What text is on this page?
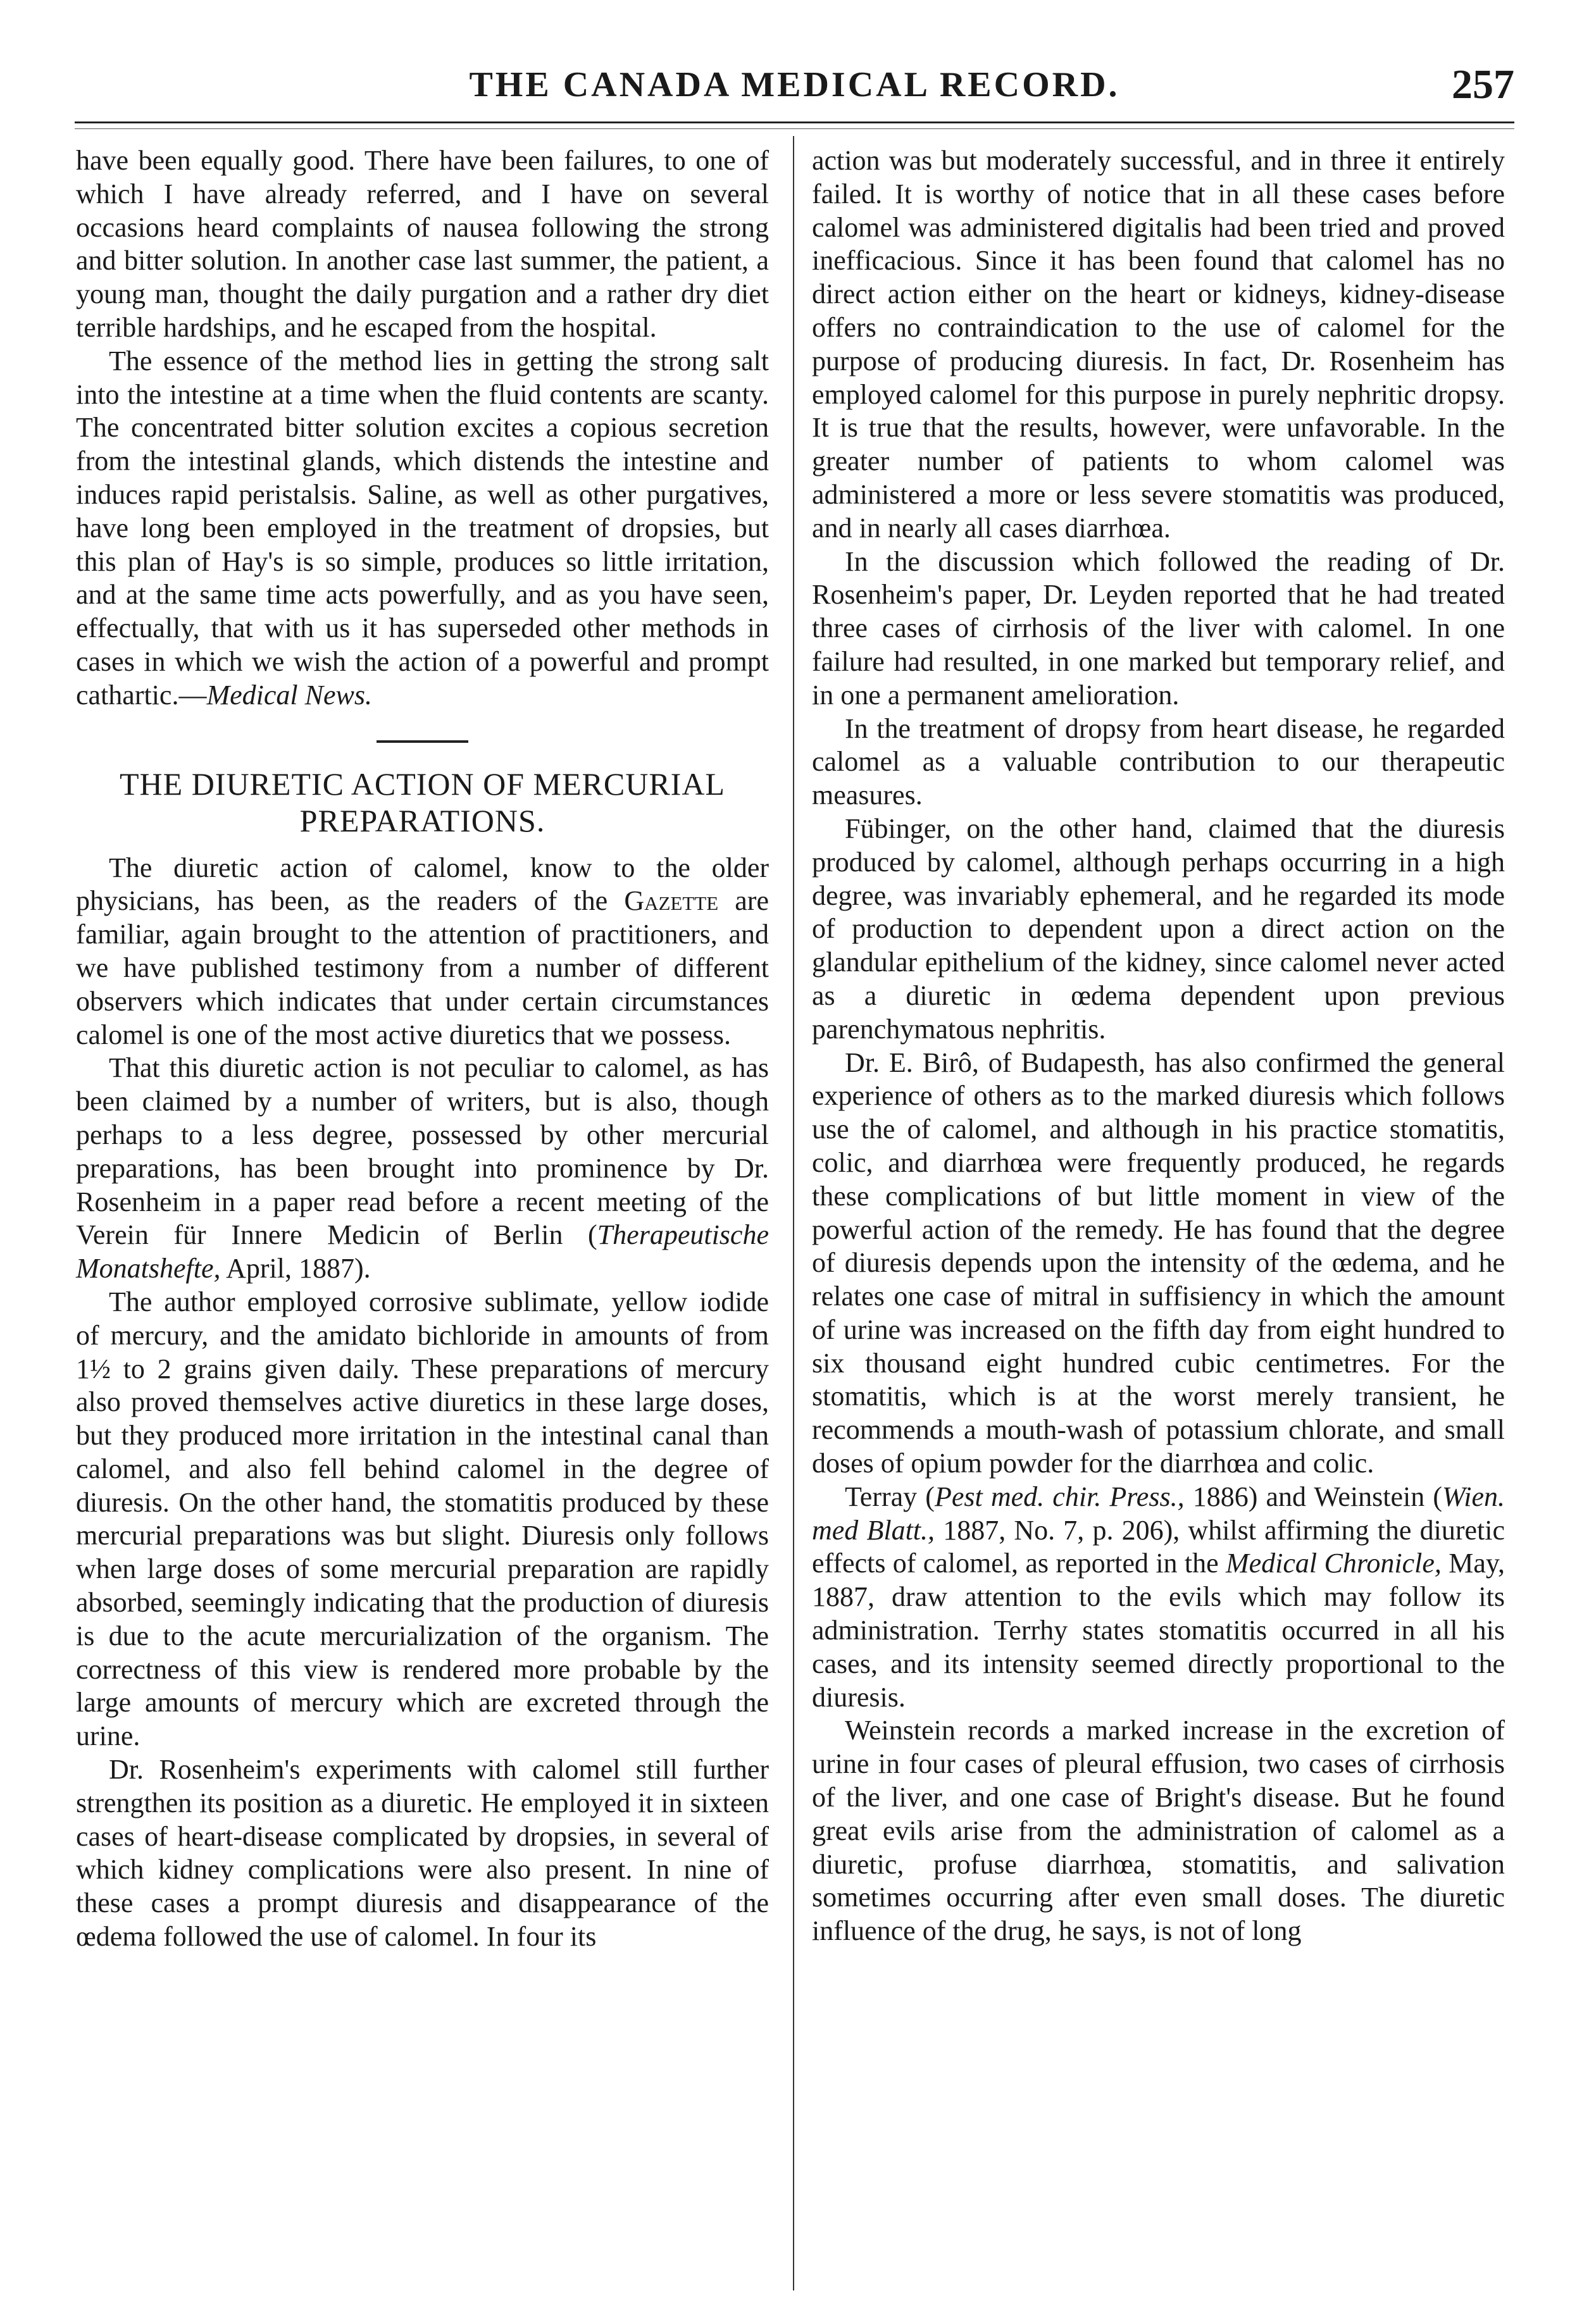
THE CANADA MEDICAL RECORD.	257

have been equally good. There have been failures, to one of which I have already referred, and I have on several occasions heard complaints of nausea following the strong and bitter solution. In another case last summer, the patient, a young man, thought the daily purgation and a rather dry diet terrible hardships, and he escaped from the hospital.

The essence of the method lies in getting the strong salt into the intestine at a time when the fluid contents are scanty. The concentrated bitter solution excites a copious secretion from the intestinal glands, which distends the intestine and induces rapid peristalsis. Saline, as well as other purgatives, have long been employed in the treatment of dropsies, but this plan of Hay's is so simple, produces so little irritation, and at the same time acts powerfully, and as you have seen, effectually, that with us it has superseded other methods in cases in which we wish the action of a powerful and prompt cathartic.—Medical News.

THE DIURETIC ACTION OF MERCURIAL PREPARATIONS.

The diuretic action of calomel, know to the older physicians, has been, as the readers of the Gazette are familiar, again brought to the attention of practitioners, and we have published testimony from a number of different observers which indicates that under certain circumstances calomel is one of the most active diuretics that we possess.

That this diuretic action is not peculiar to calomel, as has been claimed by a number of writers, but is also, though perhaps to a less degree, possessed by other mercurial preparations, has been brought into prominence by Dr. Rosenheim in a paper read before a recent meeting of the Verein für Innere Medicin of Berlin (Therapeutische Monatshefte, April, 1887).

The author employed corrosive sublimate, yellow iodide of mercury, and the amidato bichloride in amounts of from 1½ to 2 grains given daily. These preparations of mercury also proved themselves active diuretics in these large doses, but they produced more irritation in the intestinal canal than calomel, and also fell behind calomel in the degree of diuresis. On the other hand, the stomatitis produced by these mercurial preparations was but slight. Diuresis only follows when large doses of some mercurial preparation are rapidly absorbed, seemingly indicating that the production of diuresis is due to the acute mercurialization of the organism. The correctness of this view is rendered more probable by the large amounts of mercury which are excreted through the urine.

Dr. Rosenheim's experiments with calomel still further strengthen its position as a diuretic. He employed it in sixteen cases of heart-disease complicated by dropsies, in several of which kidney complications were also present. In nine of these cases a prompt diuresis and disappearance of the œdema followed the use of calomel. In four its

action was but moderately successful, and in three it entirely failed. It is worthy of notice that in all these cases before calomel was administered digitalis had been tried and proved inefficacious. Since it has been found that calomel has no direct action either on the heart or kidneys, kidney-disease offers no contraindication to the use of calomel for the purpose of producing diuresis. In fact, Dr. Rosenheim has employed calomel for this purpose in purely nephritic dropsy. It is true that the results, however, were unfavorable. In the greater number of patients to whom calomel was administered a more or less severe stomatitis was produced, and in nearly all cases diarrhœa.

In the discussion which followed the reading of Dr. Rosenheim's paper, Dr. Leyden reported that he had treated three cases of cirrhosis of the liver with calomel. In one failure had resulted, in one marked but temporary relief, and in one a permanent amelioration.

In the treatment of dropsy from heart disease, he regarded calomel as a valuable contribution to our therapeutic measures.

Fübinger, on the other hand, claimed that the diuresis produced by calomel, although perhaps occurring in a high degree, was invariably ephemeral, and he regarded its mode of production to dependent upon a direct action on the glandular epithelium of the kidney, since calomel never acted as a diuretic in œdema dependent upon previous parenchymatous nephritis.

Dr. E. Birô, of Budapesth, has also confirmed the general experience of others as to the marked diuresis which follows use the of calomel, and although in his practice stomatitis, colic, and diarrhœa were frequently produced, he regards these complications of but little moment in view of the powerful action of the remedy. He has found that the degree of diuresis depends upon the intensity of the œdema, and he relates one case of mitral in suffisiency in which the amount of urine was increased on the fifth day from eight hundred to six thousand eight hundred cubic centimetres. For the stomatitis, which is at the worst merely transient, he recommends a mouth-wash of potassium chlorate, and small doses of opium powder for the diarrhœa and colic.

Terray (Pest med. chir. Press., 1886) and Weinstein (Wien. med Blatt., 1887, No. 7, p. 206), whilst affirming the diuretic effects of calomel, as reported in the Medical Chronicle, May, 1887, draw attention to the evils which may follow its administration. Terrhy states stomatitis occurred in all his cases, and its intensity seemed directly proportional to the diuresis.

Weinstein records a marked increase in the excretion of urine in four cases of pleural effusion, two cases of cirrhosis of the liver, and one case of Bright's disease. But he found great evils arise from the administration of calomel as a diuretic, profuse diarrhœa, stomatitis, and salivation sometimes occurring after even small doses. The diuretic influence of the drug, he says, is not of long
